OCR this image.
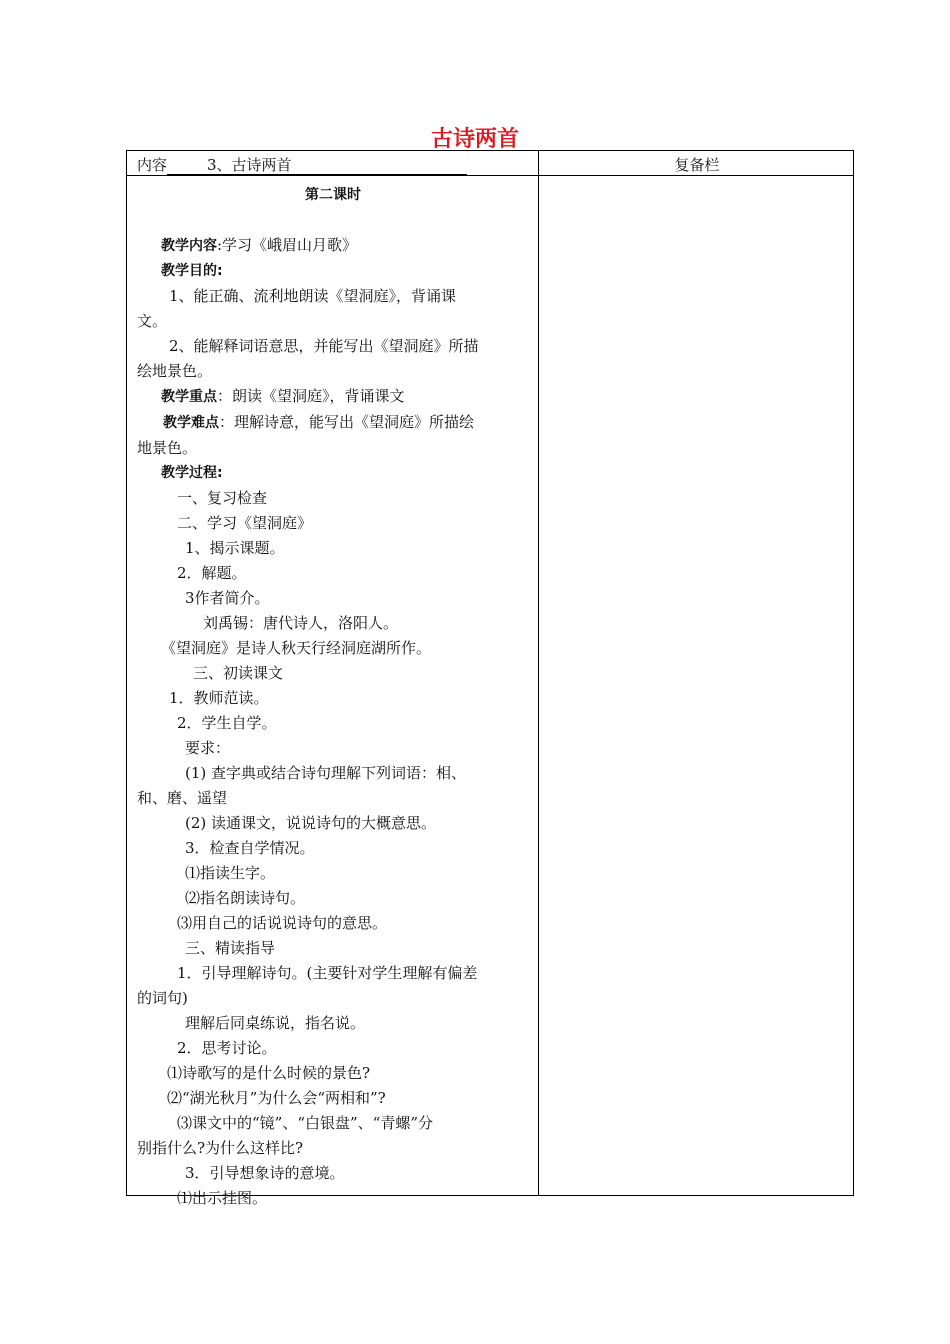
古诗两首
内容	3、古诗两首	复备栏
第二课时
教学内容:学习《峨眉山月歌》
教学目的:
1、能正确、流利地朗读《望洞庭》，背诵课
文。
2、能解释词语意思，并能写出《望洞庭》所描
绘地景色。
教学重点：朗读《望洞庭》，背诵课文
教学难点：理解诗意，能写出《望洞庭》所描绘
地景色。
教学过程:
一、复习检查
二、学习《望洞庭》
1、揭示课题。
2．解题。
3作者简介。
刘禹锡：唐代诗人，洛阳人。
《望洞庭》是诗人秋天行经洞庭湖所作。
三、初读课文
1．教师范读。
2．学生自学。
要求：
(1) 查字典或结合诗句理解下列词语：相、
和、磨、遥望
(2) 读通课文，说说诗句的大概意思。
3．检查自学情况。
⑴指读生字。
⑵指名朗读诗句。
⑶用自己的话说说诗句的意思。
三、精读指导
1．引导理解诗句。(主要针对学生理解有偏差
的词句)
理解后同桌练说，指名说。
2．思考讨论。
⑴诗歌写的是什么时候的景色?
⑵“湖光秋月”为什么会“两相和”?
⑶课文中的“镜”、“白银盘”、“青螺”分
别指什么?为什么这样比?
3．引导想象诗的意境。
⑴出示挂图。
